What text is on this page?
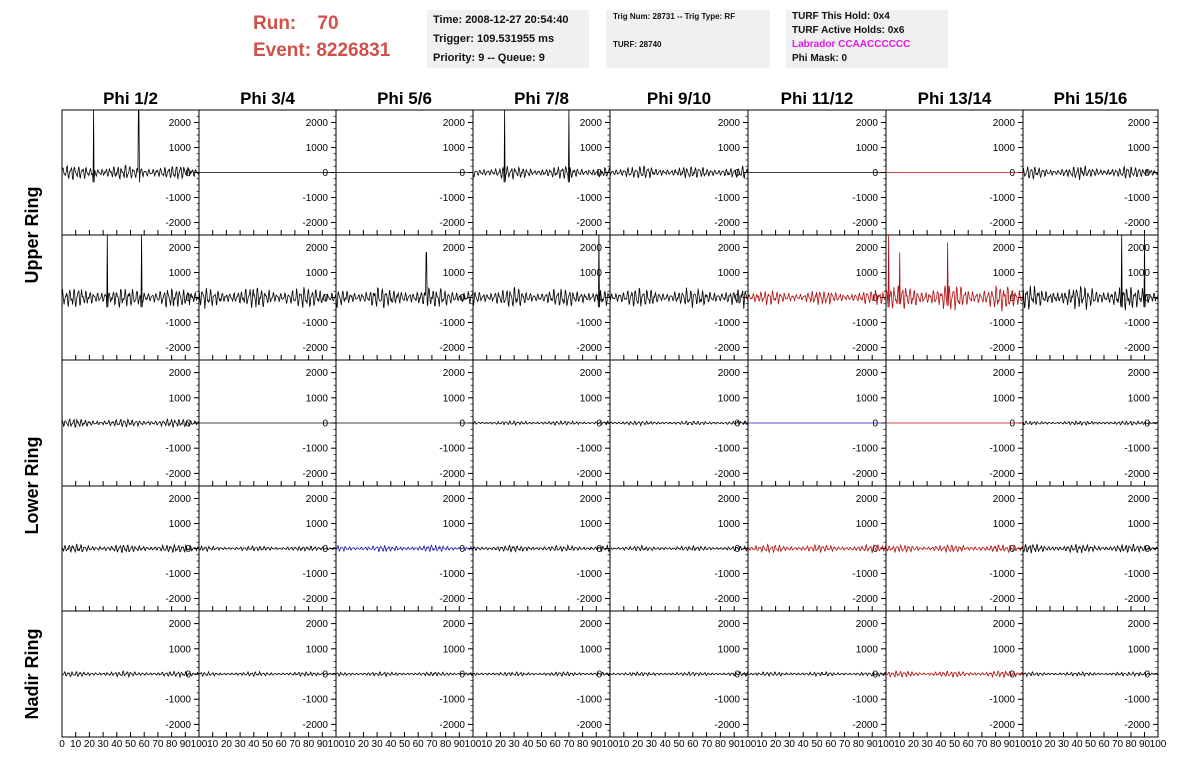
Run:    70
Event: 8226831
Time: 2008-12-27 20:54:40
Trigger: 109.531955 ms
Priority: 9 -- Queue: 9
Trig Num: 28731 -- Trig Type: RF
TURF: 28740
TURF This Hold: 0x4
TURF Active Holds: 0x6
Labrador CCAACCCCCC
Phi Mask: 0
Phi 1/2	Phi 3/4	Phi 5/6	Phi 7/8	Phi 9/10	Phi 11/12	Phi 13/14	Phi 15/16
Upper Ring
Lower Ring
Nadir Ring
2000
1000
0
-1000
-2000
2000
1000
0
-1000
-2000
2000
1000
0
-1000
-2000
2000
1000
0
-1000
-2000
2000
1000
0
-1000
-2000
2000
1000
0
-1000
-2000
2000
1000
0
-1000
-2000
2000
1000
0
-1000
-2000
2000
1000
0
-1000
-2000
2000
1000
0
-1000
-2000
2000
1000
0
-1000
-2000
2000
1000
0
-1000
-2000
2000
1000
0
-1000
-2000
2000
1000
0
-1000
-2000
2000
1000
0
-1000
-2000
2000
1000
0
-1000
-2000
2000
1000
0
-1000
-2000
2000
1000
0
-1000
-2000
2000
1000
0
-1000
-2000
2000
1000
0
-1000
-2000
2000
1000
0
-1000
-2000
2000
1000
0
-1000
-2000
2000
1000
0
-1000
-2000
2000
1000
0
-1000
-2000
2000
1000
0
-1000
-2000
2000
1000
0
-1000
-2000
2000
1000
0
-1000
-2000
2000
1000
0
-1000
-2000
2000
1000
0
-1000
-2000
2000
1000
0
-1000
-2000
2000
1000
0
-1000
-2000
2000
1000
0
-1000
-2000
2000
1000
0
-1000
-2000
0 10 20 30 40 50 60 70 80 90 100
2000
1000
0
-1000
-2000
10 20 30 40 50 60 70 80 90 100
2000
1000
0
-1000
-2000
10 20 30 40 50 60 70 80 90 100
2000
1000
0
-1000
-2000
10 20 30 40 50 60 70 80 90 100
2000
1000
0
-1000
-2000
10 20 30 40 50 60 70 80 90 100
2000
1000
0
-1000
-2000
10 20 30 40 50 60 70 80 90 100
2000
1000
0
-1000
-2000
10 20 30 40 50 60 70 80 90 100
2000
1000
0
-1000
-2000
10 20 30 40 50 60 70 80 90 100
